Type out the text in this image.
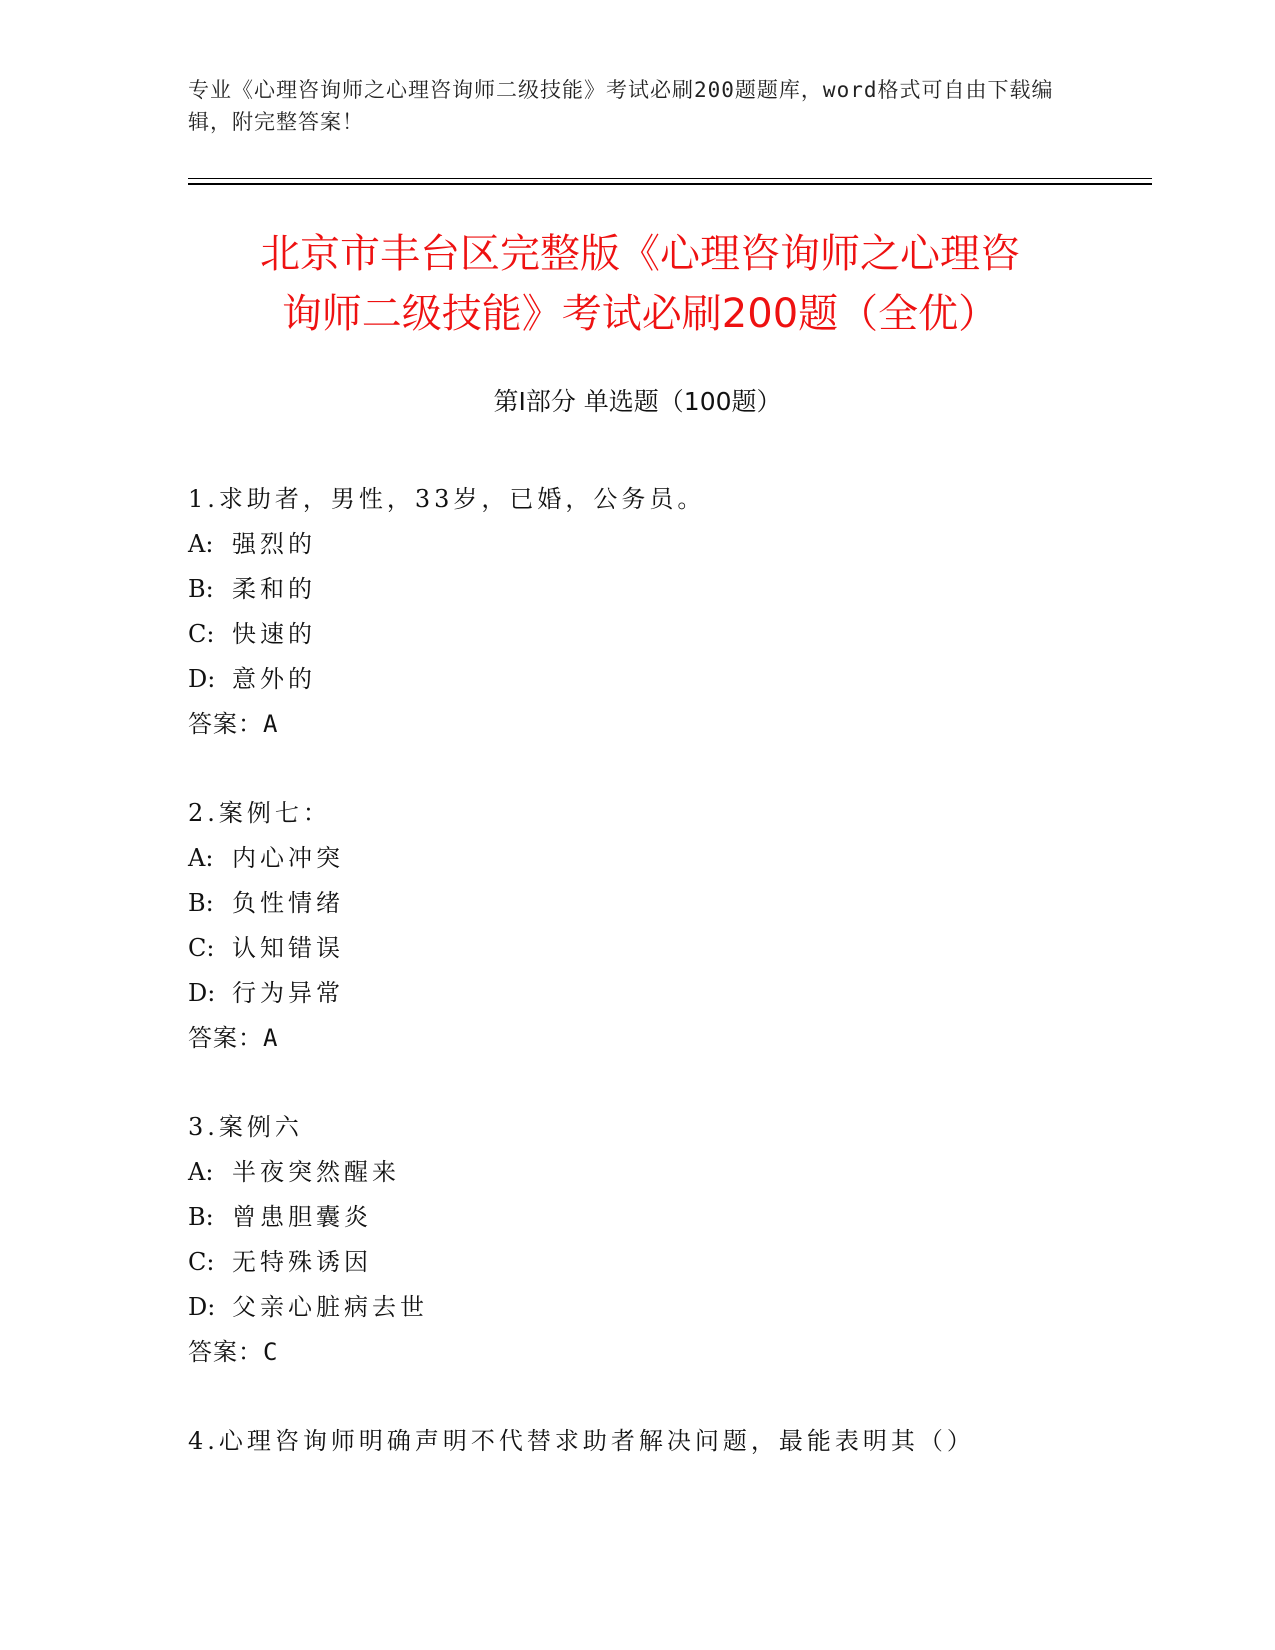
专业《心理咨询师之心理咨询师二级技能》考试必刷200题题库，word格式可自由下载编辑，附完整答案！
北京市丰台区完整版《心理咨询师之心理咨
询师二级技能》考试必刷200题（全优）
第Ⅰ部分 单选题（100题）
1.求助者，男性，33岁，已婚，公务员。
A: 强烈的
B: 柔和的
C: 快速的
D: 意外的
答案：A
2.案例七：
A: 内心冲突
B: 负性情绪
C: 认知错误
D: 行为异常
答案：A
3.案例六
A: 半夜突然醒来
B: 曾患胆囊炎
C: 无特殊诱因
D: 父亲心脏病去世
答案：C
4.心理咨询师明确声明不代替求助者解决问题，最能表明其（）
